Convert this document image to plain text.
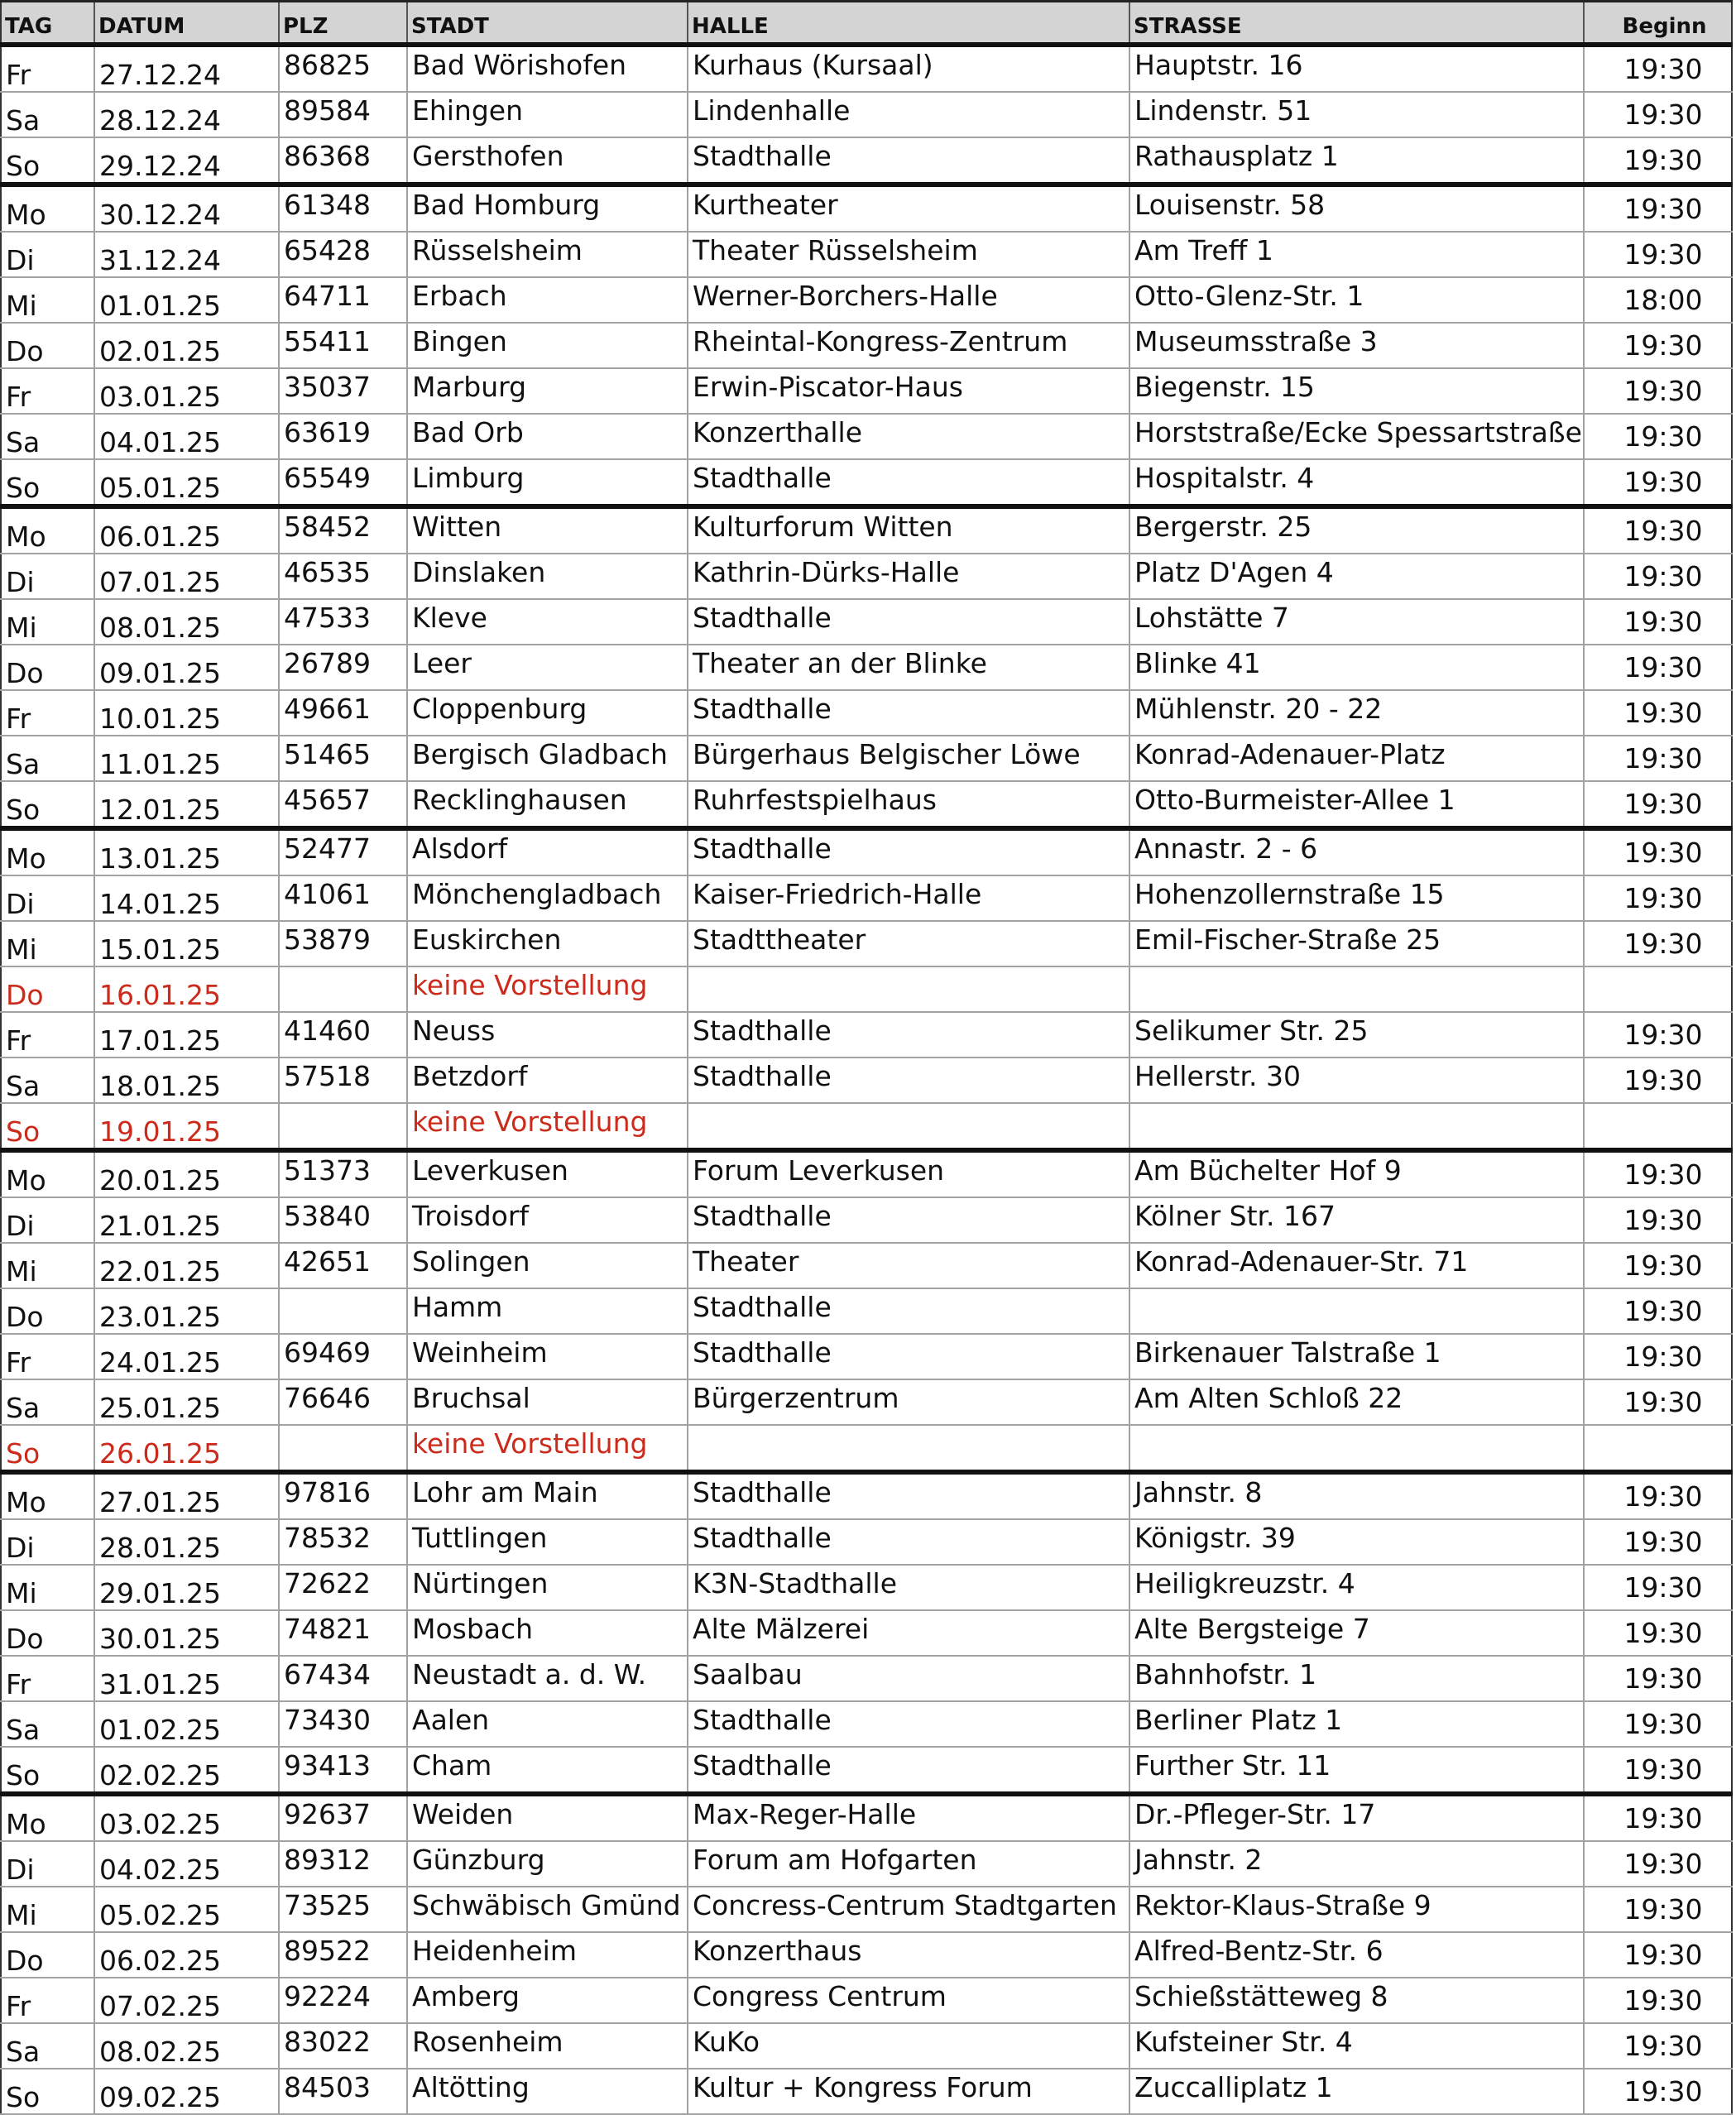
TAG	DATUM	PLZ	STADT	HALLE	STRASSE	Beginn
Fr	27.12.24	86825	Bad Wörishofen	Kurhaus (Kursaal)	Hauptstr. 16	19:30
Sa	28.12.24	89584	Ehingen	Lindenhalle	Lindenstr. 51	19:30
So	29.12.24	86368	Gersthofen	Stadthalle	Rathausplatz 1	19:30
Mo	30.12.24	61348	Bad Homburg	Kurtheater	Louisenstr. 58	19:30
Di	31.12.24	65428	Rüsselsheim	Theater Rüsselsheim	Am Treff 1	19:30
Mi	01.01.25	64711	Erbach	Werner-Borchers-Halle	Otto-Glenz-Str. 1	18:00
Do	02.01.25	55411	Bingen	Rheintal-Kongress-Zentrum	Museumsstraße 3	19:30
Fr	03.01.25	35037	Marburg	Erwin-Piscator-Haus	Biegenstr. 15	19:30
Sa	04.01.25	63619	Bad Orb	Konzerthalle	Horststraße/Ecke Spessartstraße	19:30
So	05.01.25	65549	Limburg	Stadthalle	Hospitalstr. 4	19:30
Mo	06.01.25	58452	Witten	Kulturforum Witten	Bergerstr. 25	19:30
Di	07.01.25	46535	Dinslaken	Kathrin-Dürks-Halle	Platz D'Agen 4	19:30
Mi	08.01.25	47533	Kleve	Stadthalle	Lohstätte 7	19:30
Do	09.01.25	26789	Leer	Theater an der Blinke	Blinke 41	19:30
Fr	10.01.25	49661	Cloppenburg	Stadthalle	Mühlenstr. 20 - 22	19:30
Sa	11.01.25	51465	Bergisch Gladbach	Bürgerhaus Belgischer Löwe	Konrad-Adenauer-Platz	19:30
So	12.01.25	45657	Recklinghausen	Ruhrfestspielhaus	Otto-Burmeister-Allee 1	19:30
Mo	13.01.25	52477	Alsdorf	Stadthalle	Annastr. 2 - 6	19:30
Di	14.01.25	41061	Mönchengladbach	Kaiser-Friedrich-Halle	Hohenzollernstraße 15	19:30
Mi	15.01.25	53879	Euskirchen	Stadttheater	Emil-Fischer-Straße 25	19:30
Do	16.01.25		keine Vorstellung			
Fr	17.01.25	41460	Neuss	Stadthalle	Selikumer Str. 25	19:30
Sa	18.01.25	57518	Betzdorf	Stadthalle	Hellerstr. 30	19:30
So	19.01.25		keine Vorstellung			
Mo	20.01.25	51373	Leverkusen	Forum Leverkusen	Am Büchelter Hof 9	19:30
Di	21.01.25	53840	Troisdorf	Stadthalle	Kölner Str. 167	19:30
Mi	22.01.25	42651	Solingen	Theater	Konrad-Adenauer-Str. 71	19:30
Do	23.01.25		Hamm	Stadthalle		19:30
Fr	24.01.25	69469	Weinheim	Stadthalle	Birkenauer Talstraße 1	19:30
Sa	25.01.25	76646	Bruchsal	Bürgerzentrum	Am Alten Schloß 22	19:30
So	26.01.25		keine Vorstellung			
Mo	27.01.25	97816	Lohr am Main	Stadthalle	Jahnstr. 8	19:30
Di	28.01.25	78532	Tuttlingen	Stadthalle	Königstr. 39	19:30
Mi	29.01.25	72622	Nürtingen	K3N-Stadthalle	Heiligkreuzstr. 4	19:30
Do	30.01.25	74821	Mosbach	Alte Mälzerei	Alte Bergsteige 7	19:30
Fr	31.01.25	67434	Neustadt a. d. W.	Saalbau	Bahnhofstr. 1	19:30
Sa	01.02.25	73430	Aalen	Stadthalle	Berliner Platz 1	19:30
So	02.02.25	93413	Cham	Stadthalle	Further Str. 11	19:30
Mo	03.02.25	92637	Weiden	Max-Reger-Halle	Dr.-Pfleger-Str. 17	19:30
Di	04.02.25	89312	Günzburg	Forum am Hofgarten	Jahnstr. 2	19:30
Mi	05.02.25	73525	Schwäbisch Gmünd	Concress-Centrum Stadtgarten	Rektor-Klaus-Straße 9	19:30
Do	06.02.25	89522	Heidenheim	Konzerthaus	Alfred-Bentz-Str. 6	19:30
Fr	07.02.25	92224	Amberg	Congress Centrum	Schießstätteweg 8	19:30
Sa	08.02.25	83022	Rosenheim	KuKo	Kufsteiner Str. 4	19:30
So	09.02.25	84503	Altötting	Kultur + Kongress Forum	Zuccalliplatz 1	19:30
